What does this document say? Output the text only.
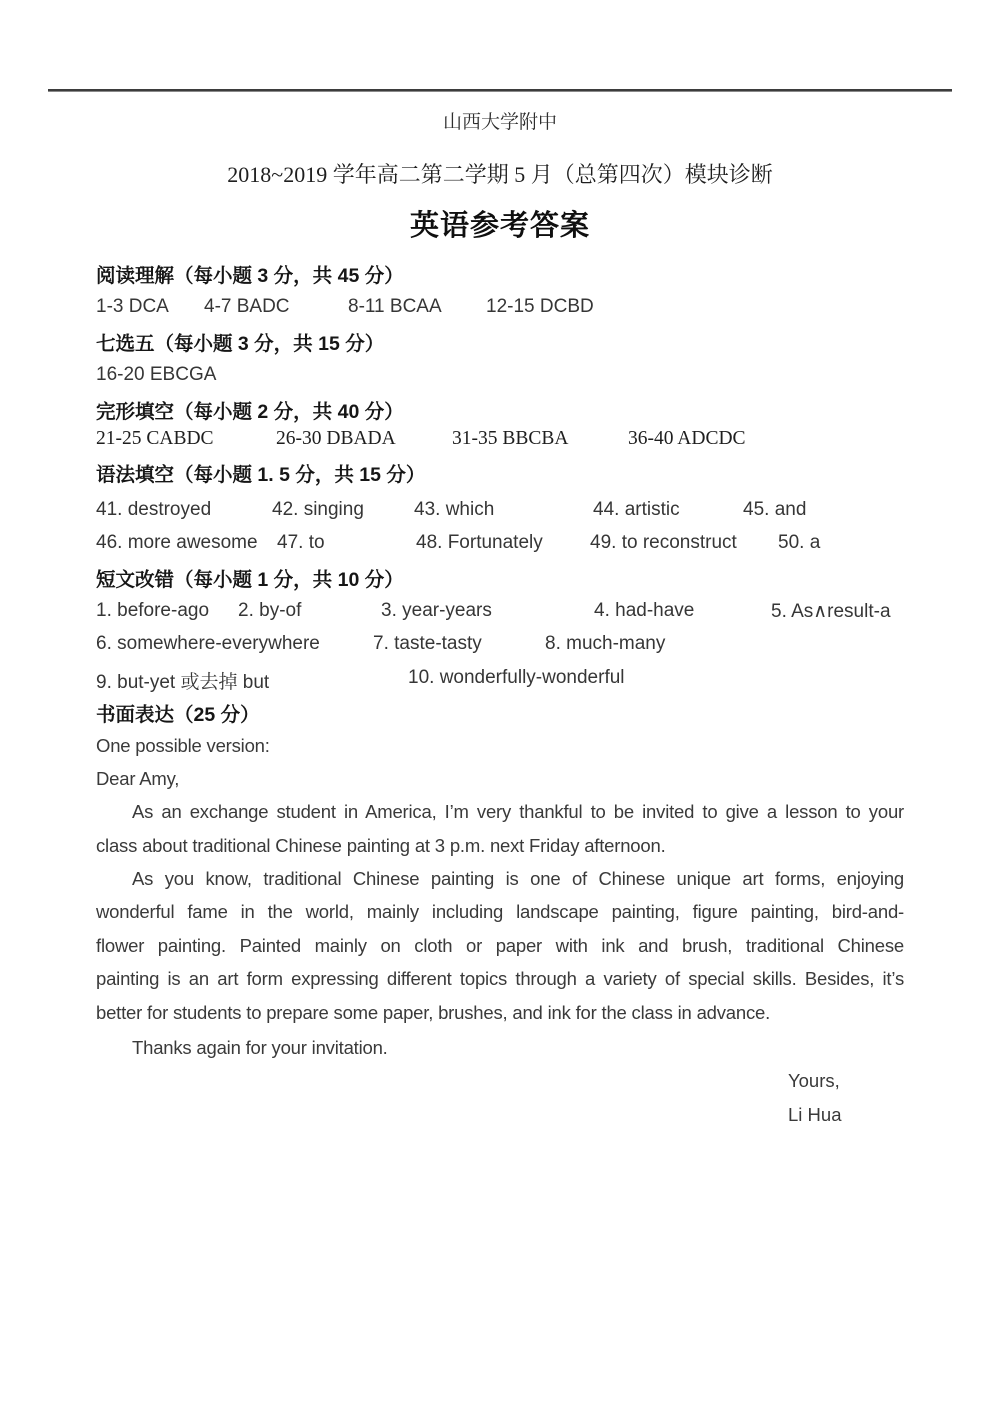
山西大学附中
2018~2019 学年高二第二学期 5 月（总第四次）模块诊断
英语参考答案
阅读理解（每小题 3 分，共 45 分）
1-3 DCA 4-7 BADC	8-11 BCAA 12-15 DCBD
七选五（每小题 3 分，共 15 分）
16-20 EBCGA
完形填空（每小题 2 分，共 40 分）
21-25 CABDC	26-30 DBADA	31-35 BBCBA	36-40 ADCDC
语法填空（每小题 1. 5 分，共 15 分）
41. destroyed	42. singing	43. which	44. artistic	45. and
46. more awesome 47. to	48. Fortunately 49. to reconstruct 50. a
短文改错（每小题 1 分，共 10 分）
1. before-ago 2. by-of	3. year-years	4. had-have	5. As∧result-a
6. somewhere-everywhere	7. taste-tasty	8. much-many
9. but-yet 或去掉 but	10. wonderfully-wonderful
书面表达（25 分）
One possible version:
Dear Amy,
As an exchange student in America, I’m very thankful to be invited to give a lesson to your
class about traditional Chinese painting at 3 p.m. next Friday afternoon.
As you know, traditional Chinese painting is one of Chinese unique art forms, enjoying
wonderful fame in the world, mainly including landscape painting, figure painting, bird-and-
flower painting. Painted mainly on cloth or paper with ink and brush, traditional Chinese
painting is an art form expressing different topics through a variety of special skills. Besides, it’s
better for students to prepare some paper, brushes, and ink for the class in advance.
Thanks again for your invitation.
Yours,
Li Hua
